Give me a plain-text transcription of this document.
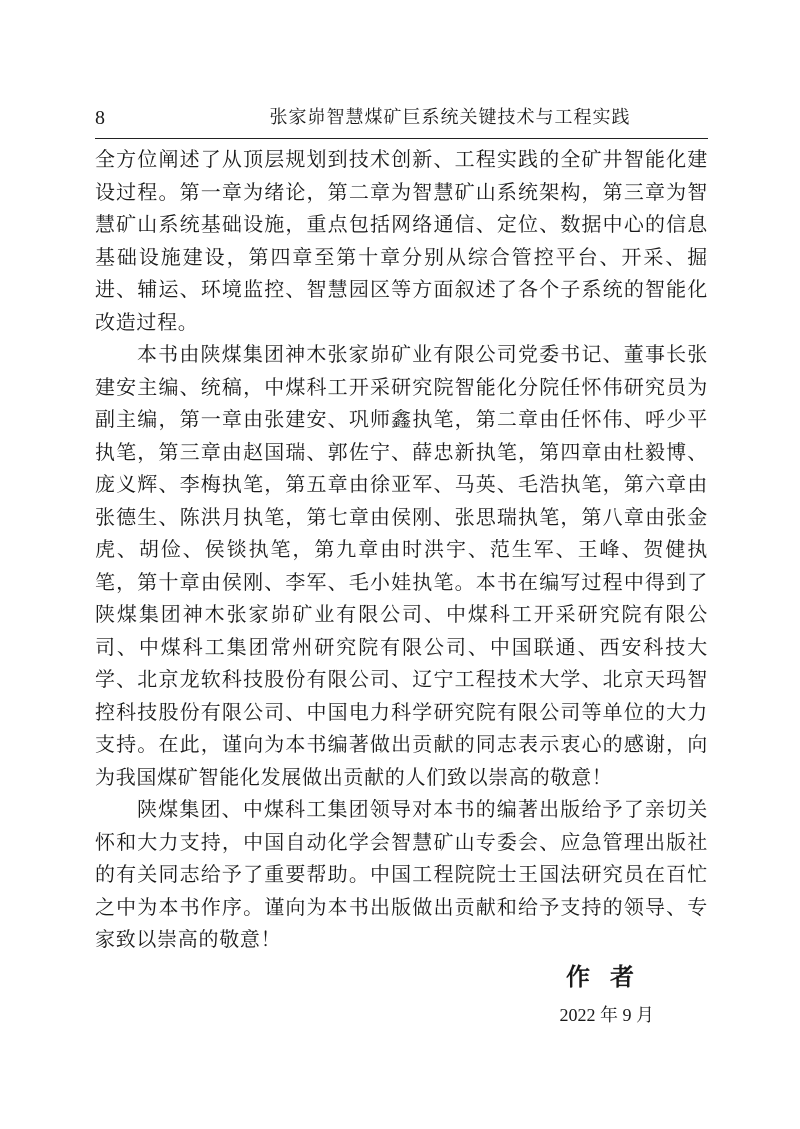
8	张家峁智慧煤矿巨系统关键技术与工程实践

全方位阐述了从顶层规划到技术创新、工程实践的全矿井智能化建设过程。第一章为绪论，第二章为智慧矿山系统架构，第三章为智慧矿山系统基础设施，重点包括网络通信、定位、数据中心的信息基础设施建设，第四章至第十章分别从综合管控平台、开采、掘进、辅运、环境监控、智慧园区等方面叙述了各个子系统的智能化改造过程。

本书由陕煤集团神木张家峁矿业有限公司党委书记、董事长张建安主编、统稿，中煤科工开采研究院智能化分院任怀伟研究员为副主编，第一章由张建安、巩师鑫执笔，第二章由任怀伟、呼少平执笔，第三章由赵国瑞、郭佐宁、薛忠新执笔，第四章由杜毅博、庞义辉、李梅执笔，第五章由徐亚军、马英、毛浩执笔，第六章由张德生、陈洪月执笔，第七章由侯刚、张思瑞执笔，第八章由张金虎、胡俭、侯锬执笔，第九章由时洪宇、范生军、王峰、贺健执笔，第十章由侯刚、李军、毛小娃执笔。本书在编写过程中得到了陕煤集团神木张家峁矿业有限公司、中煤科工开采研究院有限公司、中煤科工集团常州研究院有限公司、中国联通、西安科技大学、北京龙软科技股份有限公司、辽宁工程技术大学、北京天玛智控科技股份有限公司、中国电力科学研究院有限公司等单位的大力支持。在此，谨向为本书编著做出贡献的同志表示衷心的感谢，向为我国煤矿智能化发展做出贡献的人们致以崇高的敬意！

陕煤集团、中煤科工集团领导对本书的编著出版给予了亲切关怀和大力支持，中国自动化学会智慧矿山专委会、应急管理出版社的有关同志给予了重要帮助。中国工程院院士王国法研究员在百忙之中为本书作序。谨向为本书出版做出贡献和给予支持的领导、专家致以崇高的敬意！

作者
2022 年 9 月
